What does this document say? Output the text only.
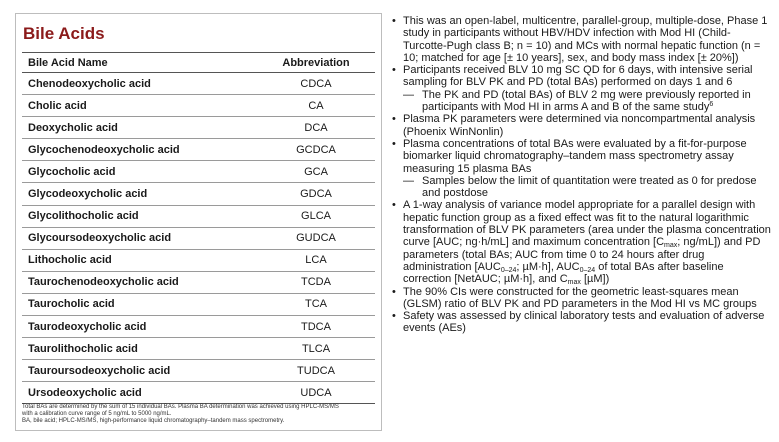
Bile Acids
Bile Acid Name	Abbreviation
Chenodeoxycholic acid	CDCA
Cholic acid	CA
Deoxycholic acid	DCA
Glycochenodeoxycholic acid	GCDCA
Glycocholic acid	GCA
Glycodeoxycholic acid	GDCA
Glycolithocholic acid	GLCA
Glycoursodeoxycholic acid	GUDCA
Lithocholic acid	LCA
Taurochenodeoxycholic acid	TCDA
Taurocholic acid	TCA
Taurodeoxycholic acid	TDCA
Taurolithocholic acid	TLCA
Tauroursodeoxycholic acid	TUDCA
Ursodeoxycholic acid	UDCA
Total BAs are determined by the sum of 15 individual BAs. Plasma BA determination was achieved using HPLC-MS/MS
with a calibration curve range of 5 ng/mL to 5000 ng/mL.
BA, bile acid; HPLC-MS/MS, high-performance liquid chromatography–tandem mass spectrometry.
• This was an open-label, multicentre, parallel-group, multiple-dose, Phase 1 study in participants without HBV/HDV infection with Mod HI (Child-Turcotte-Pugh class B; n = 10) and MCs with normal hepatic function (n = 10; matched for age [± 10 years], sex, and body mass index [± 20%])
• Participants received BLV 10 mg SC QD for 6 days, with intensive serial sampling for BLV PK and PD (total BAs) performed on days 1 and 6
— The PK and PD (total BAs) of BLV 2 mg were previously reported in participants with Mod HI in arms A and B of the same study$^6$
• Plasma PK parameters were determined via noncompartmental analysis (Phoenix WinNonlin)
• Plasma concentrations of total BAs were evaluated by a fit-for-purpose biomarker liquid chromatography–tandem mass spectrometry assay measuring 15 plasma BAs
— Samples below the limit of quantitation were treated as 0 for predose and postdose
• A 1-way analysis of variance model appropriate for a parallel design with hepatic function group as a fixed effect was fit to the natural logarithmic transformation of BLV PK parameters (area under the plasma concentration curve [AUC; ng·h/mL] and maximum concentration [$C_{max}$; ng/mL]) and PD parameters (total BAs; AUC from time 0 to 24 hours after drug administration [$AUC_{0-24}$; µM·h], $AUC_{0-24}$ of total BAs after baseline correction [NetAUC; µM·h], and $C_{max}$ [µM])
• The 90% CIs were constructed for the geometric least-squares mean (GLSM) ratio of BLV PK and PD parameters in the Mod HI vs MC groups
• Safety was assessed by clinical laboratory tests and evaluation of adverse events (AEs)
